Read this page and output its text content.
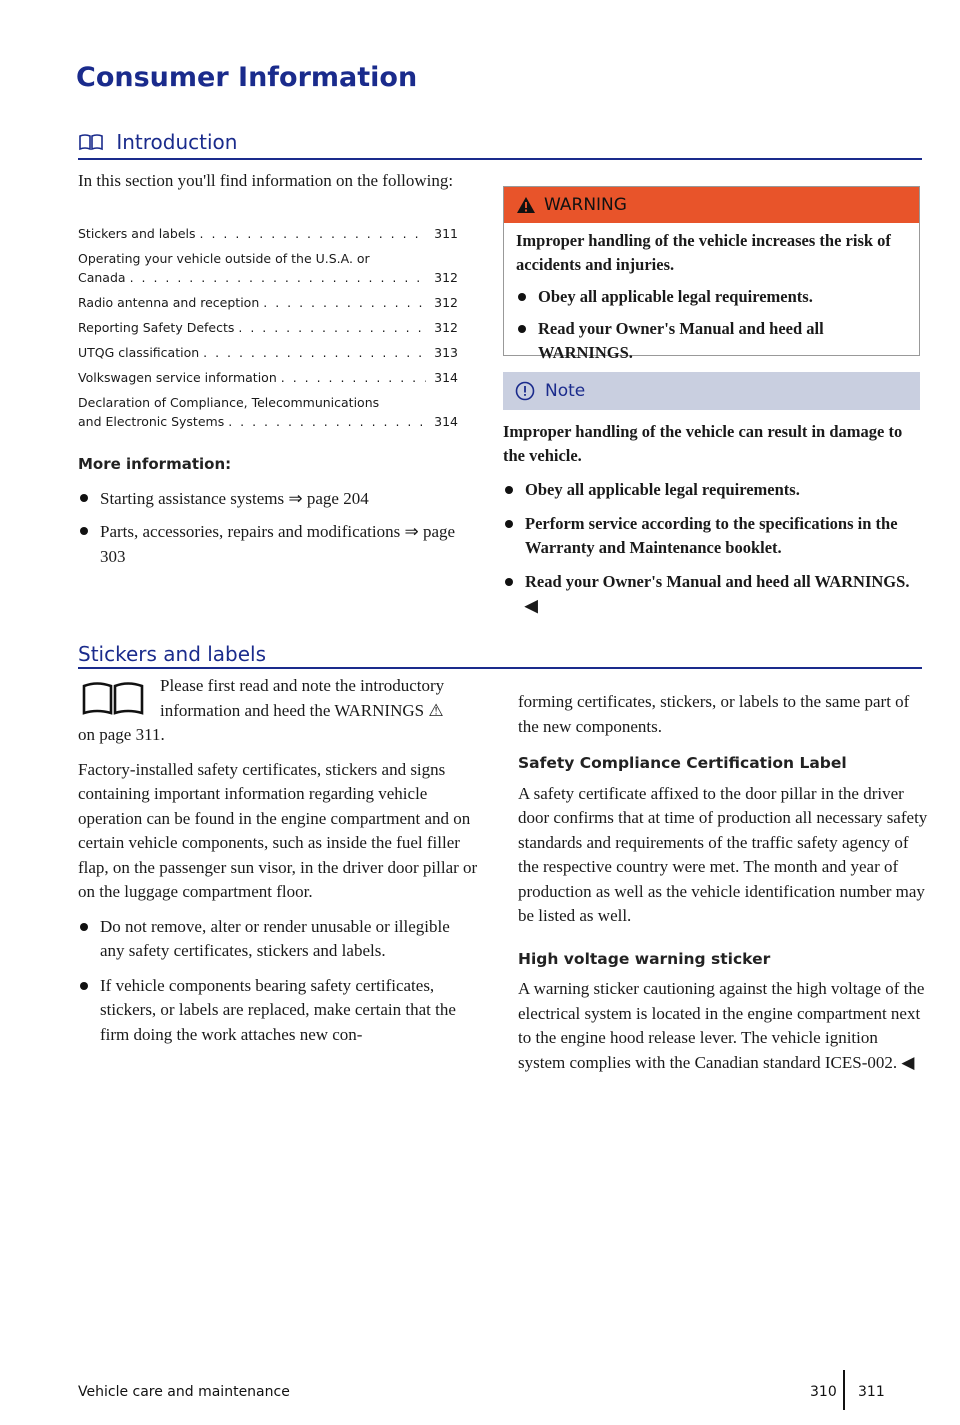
Consumer Information
Introduction
In this section you'll find information on the following:
Stickers and labels . . .	311
Operating your vehicle outside of the U.S.A. or
Canada . . .	312
Radio antenna and reception . . .	312
Reporting Safety Defects . . .	312
UTQG classification . . .	313
Volkswagen service information . . .	314
Declaration of Compliance, Telecommunications
and Electronic Systems . . .	314
More information:
Starting assistance systems ⇒ page 204
Parts, accessories, repairs and modifications ⇒ page 303
WARNING
Improper handling of the vehicle increases the risk of accidents and injuries.
Obey all applicable legal requirements.
Read your Owner's Manual and heed all WARNINGS.
Note
Improper handling of the vehicle can result in damage to the vehicle.
Obey all applicable legal requirements.
Perform service according to the specifications in the Warranty and Maintenance booklet.
Read your Owner's Manual and heed all WARNINGS. ◀
Stickers and labels
Please first read and note the introductory
information and heed the WARNINGS ⚠
on page 311.

Factory-installed safety certificates, stickers and signs containing important information regarding vehicle operation can be found in the engine compartment and on certain vehicle components, such as inside the fuel filler flap, on the passenger sun visor, in the driver door pillar or on the luggage compartment floor.

Do not remove, alter or render unusable or illegible any safety certificates, stickers and labels.
If vehicle components bearing safety certificates, stickers, or labels are replaced, make certain that the firm doing the work attaches new con-

forming certificates, stickers, or labels to the same part of the new components.

Safety Compliance Certification Label

A safety certificate affixed to the door pillar in the driver door confirms that at time of production all necessary safety standards and requirements of the traffic safety agency of the respective country were met. The month and year of production as well as the vehicle identification number may be listed as well.

High voltage warning sticker

A warning sticker cautioning against the high voltage of the electrical system is located in the engine compartment next to the engine hood release lever. The vehicle ignition system complies with the Canadian standard ICES-002. ◀

Vehicle care and maintenance	310 311
